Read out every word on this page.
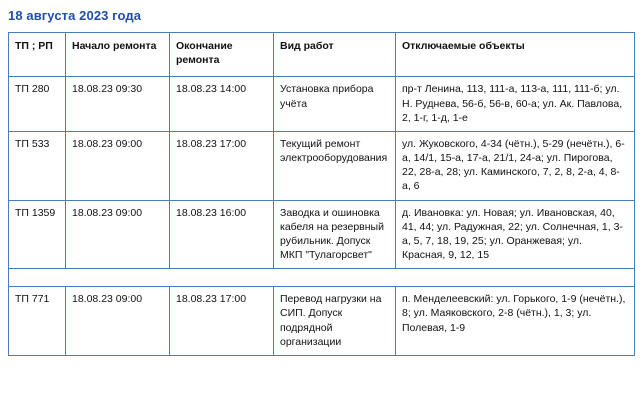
18 августа 2023 года
ТП ; РП	Начало ремонта	Окончание ремонта	Вид работ	Отключаемые объекты
ТП 280	18.08.23 09:30	18.08.23 14:00	Установка прибора учёта	пр-т Ленина, 113, 111-а, 113-а, 111, 111-б; ул. Н. Руднева, 56-б, 56-в, 60-а; ул. Ак. Павлова, 2, 1-г, 1-д, 1-е
ТП 533	18.08.23 09:00	18.08.23 17:00	Текущий ремонт электрооборудования	ул. Жуковского, 4-34 (чётн.), 5-29 (нечётн.), 6-а, 14/1, 15-а, 17-а, 21/1, 24-а; ул. Пирогова, 22, 28-а, 28; ул. Каминского, 7, 2, 8, 2-а, 4, 8-а, 6
ТП 1359	18.08.23 09:00	18.08.23 16:00	Заводка и ошиновка кабеля на резервный рубильник. Допуск МКП "Тулагорсвет"	д. Ивановка: ул. Новая; ул. Ивановская, 40, 41, 44; ул. Радужная, 22; ул. Солнечная, 1, 3-а, 5, 7, 18, 19, 25; ул. Оранжевая; ул. Красная, 9, 12, 15

ТП 771	18.08.23 09:00	18.08.23 17:00	Перевод нагрузки на СИП. Допуск подрядной организации	п. Менделеевский: ул. Горького, 1-9 (нечётн.), 8; ул. Маяковского, 2-8 (чётн.), 1, 3; ул. Полевая, 1-9
